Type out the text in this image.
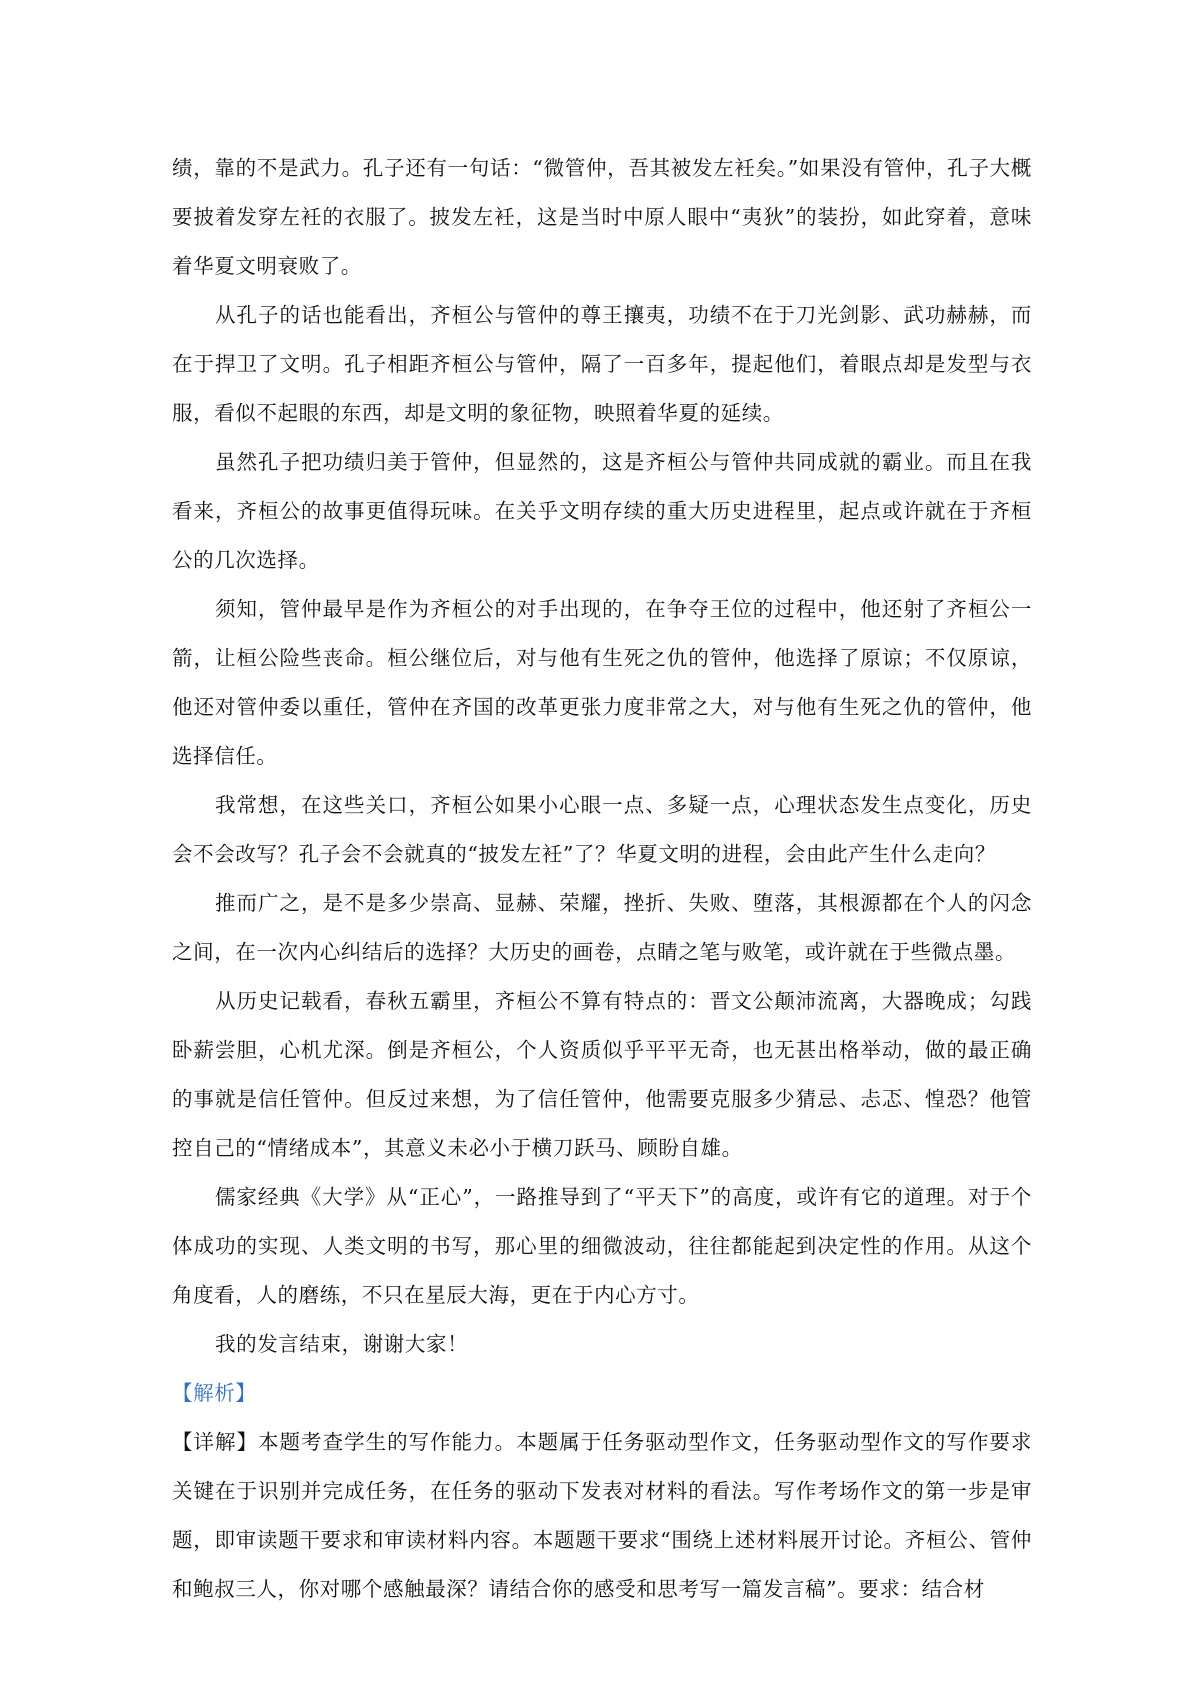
绩，靠的不是武力。孔子还有一句话：“微管仲，吾其被发左衽矣。”如果没有管仲，孔子大概要披着发穿左衽的衣服了。披发左衽，这是当时中原人眼中“夷狄”的装扮，如此穿着，意味着华夏文明衰败了。

从孔子的话也能看出，齐桓公与管仲的尊王攘夷，功绩不在于刀光剑影、武功赫赫，而在于捍卫了文明。孔子相距齐桓公与管仲，隔了一百多年，提起他们，着眼点却是发型与衣服，看似不起眼的东西，却是文明的象征物，映照着华夏的延续。

虽然孔子把功绩归美于管仲，但显然的，这是齐桓公与管仲共同成就的霸业。而且在我看来，齐桓公的故事更值得玩味。在关乎文明存续的重大历史进程里，起点或许就在于齐桓公的几次选择。

须知，管仲最早是作为齐桓公的对手出现的，在争夺王位的过程中，他还射了齐桓公一箭，让桓公险些丧命。桓公继位后，对与他有生死之仇的管仲，他选择了原谅；不仅原谅，他还对管仲委以重任，管仲在齐国的改革更张力度非常之大，对与他有生死之仇的管仲，他选择信任。

我常想，在这些关口，齐桓公如果小心眼一点、多疑一点，心理状态发生点变化，历史会不会改写？孔子会不会就真的“披发左衽”了？华夏文明的进程，会由此产生什么走向？

推而广之，是不是多少崇高、显赫、荣耀，挫折、失败、堕落，其根源都在个人的闪念之间，在一次内心纠结后的选择？大历史的画卷，点睛之笔与败笔，或许就在于些微点墨。

从历史记载看，春秋五霸里，齐桓公不算有特点的：晋文公颠沛流离，大器晚成；勾践卧薪尝胆，心机尤深。倒是齐桓公，个人资质似乎平平无奇，也无甚出格举动，做的最正确的事就是信任管仲。但反过来想，为了信任管仲，他需要克服多少猜忌、忐忑、惶恐？他管控自己的“情绪成本”，其意义未必小于横刀跃马、顾盼自雄。

儒家经典《大学》从“正心”，一路推导到了“平天下”的高度，或许有它的道理。对于个体成功的实现、人类文明的书写，那心里的细微波动，往往都能起到决定性的作用。从这个角度看，人的磨练，不只在星辰大海，更在于内心方寸。

我的发言结束，谢谢大家！

【解析】

【详解】本题考查学生的写作能力。本题属于任务驱动型作文，任务驱动型作文的写作要求关键在于识别并完成任务，在任务的驱动下发表对材料的看法。写作考场作文的第一步是审题，即审读题干要求和审读材料内容。本题题干要求“围绕上述材料展开讨论。齐桓公、管仲和鲍叔三人，你对哪个感触最深？请结合你的感受和思考写一篇发言稿”。要求：结合材
